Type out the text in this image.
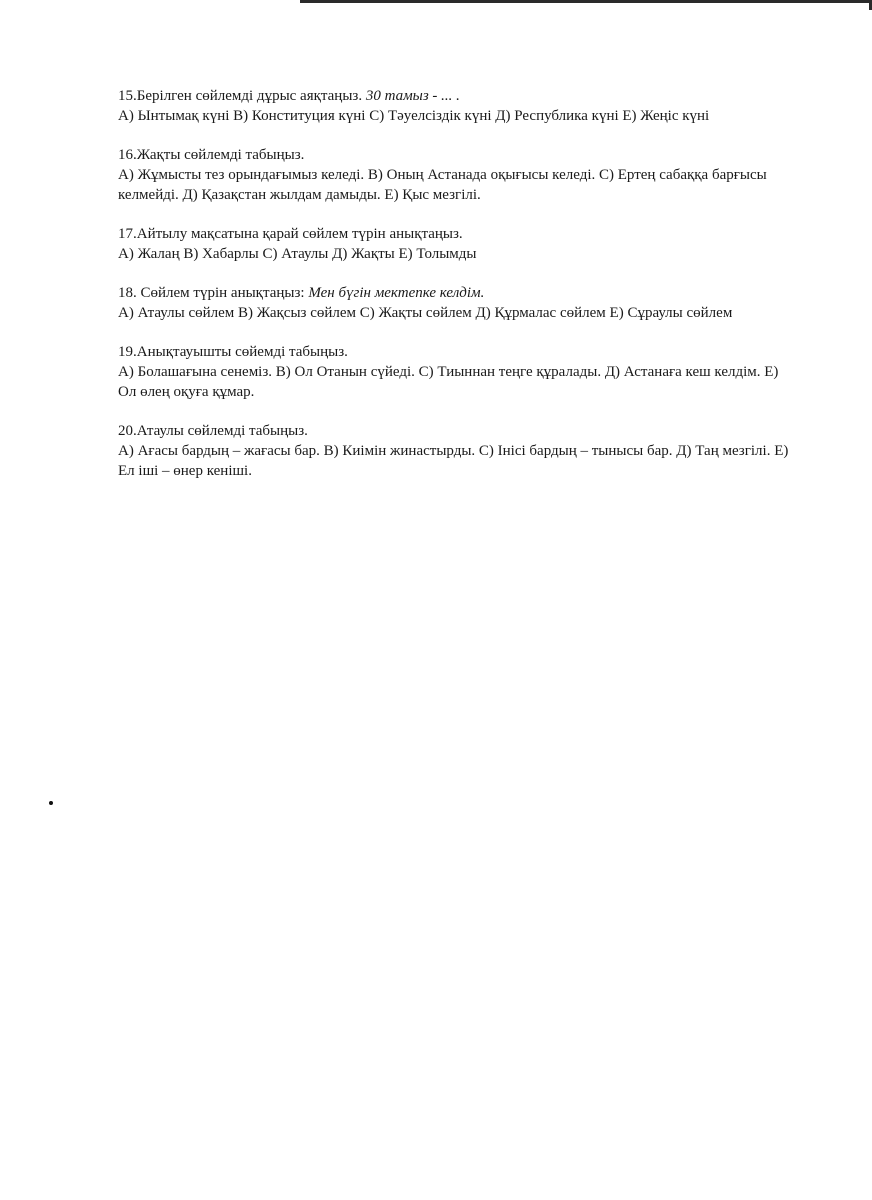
15.Берілген сөйлемді дұрыс аяқтаңыз. 30 тамыз - ... .
А) Ынтымақ күні В) Конституция күні С) Тәуелсіздік күні Д) Республика күні Е) Жеңіс күні
16.Жақты сөйлемді табыңыз.
А) Жұмысты тез орындағымыз келеді. В) Оның Астанада оқығысы келеді. С) Ертең сабаққа барғысы келмейді. Д) Қазақстан жылдам дамыды. Е) Қыс мезгілі.
17.Айтылу мақсатына қарай сөйлем түрін анықтаңыз.
А) Жалаң В) Хабарлы С) Атаулы Д) Жақты Е) Толымды
18. Сөйлем түрін анықтаңыз: Мен бүгін мектепке келдім.
А) Атаулы сөйлем В) Жақсыз сөйлем С) Жақты сөйлем Д) Құрмалас сөйлем Е) Сұраулы сөйлем
19.Анықтауышты сөйемді табыңыз.
А) Болашағына сенеміз. В) Ол Отанын сүйеді. С) Тиыннан теңге құралады. Д) Астанаға кеш келдім. Е) Ол өлең оқуға құмар.
20.Атаулы сөйлемді табыңыз.
А) Ағасы бардың – жағасы бар. В) Киімін жинастырды. С) Інісі бардың – тынысы бар. Д) Таң мезгілі. Е) Ел іші – өнер кеніші.
